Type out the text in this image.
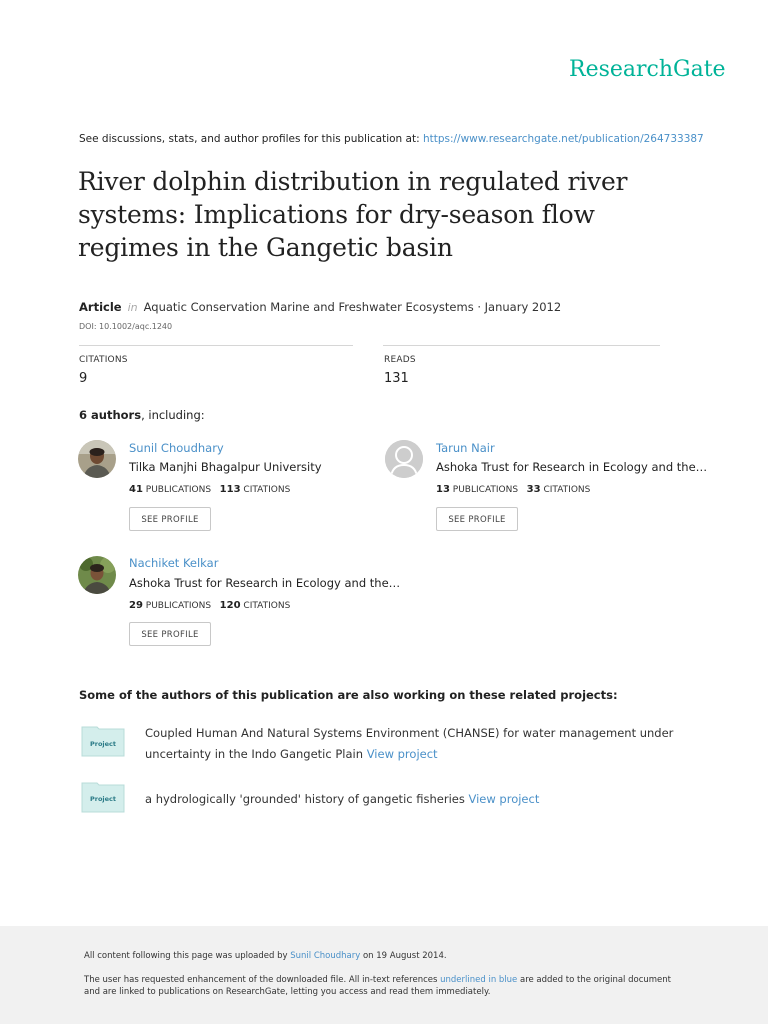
ResearchGate
See discussions, stats, and author profiles for this publication at: https://www.researchgate.net/publication/264733387
River dolphin distribution in regulated river
systems: Implications for dry-season flow
regimes in the Gangetic basin
Article in Aquatic Conservation Marine and Freshwater Ecosystems · January 2012
DOI: 10.1002/aqc.1240
CITATIONS
9
READS
131
6 authors, including:
Sunil Choudhary
Tilka Manjhi Bhagalpur University
41 PUBLICATIONS 113 CITATIONS
SEE PROFILE
Tarun Nair
Ashoka Trust for Research in Ecology and the…
13 PUBLICATIONS 33 CITATIONS
SEE PROFILE
Nachiket Kelkar
Ashoka Trust for Research in Ecology and the…
29 PUBLICATIONS 120 CITATIONS
SEE PROFILE
Some of the authors of this publication are also working on these related projects:
Project
Coupled Human And Natural Systems Environment (CHANSE) for water management under
uncertainty in the Indo Gangetic Plain View project
Project	a hydrologically 'grounded' history of gangetic fisheries View project
All content following this page was uploaded by Sunil Choudhary on 19 August 2014.
The user has requested enhancement of the downloaded file. All in-text references underlined in blue are added to the original document
and are linked to publications on ResearchGate, letting you access and read them immediately.
